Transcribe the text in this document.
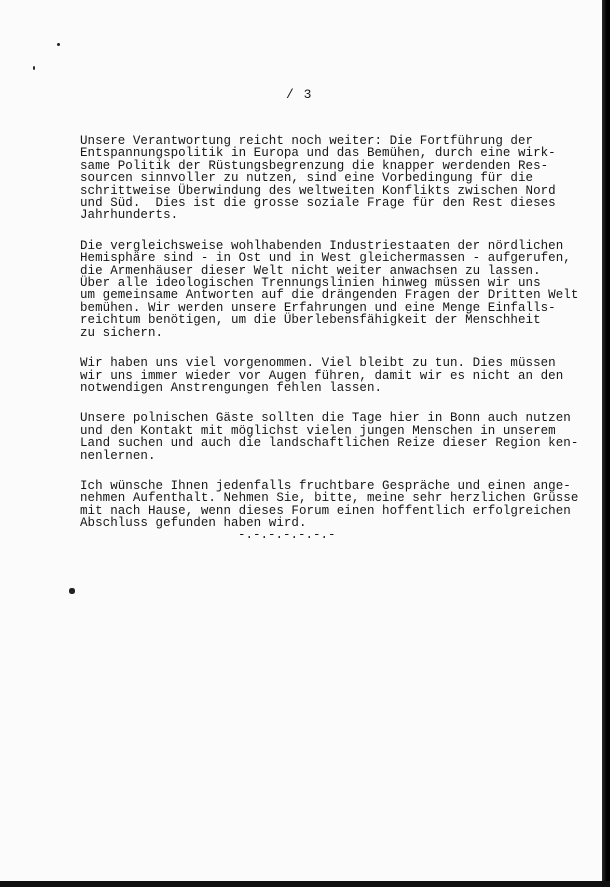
/ 3
Unsere Verantwortung reicht noch weiter: Die Fortführung der
Entspannungspolitik in Europa und das Bemühen, durch eine wirk-
same Politik der Rüstungsbegrenzung die knapper werdenden Res-
sourcen sinnvoller zu nutzen, sind eine Vorbedingung für die
schrittweise Überwindung des weltweiten Konflikts zwischen Nord
und Süd.  Dies ist die grosse soziale Frage für den Rest dieses
Jahrhunderts.
Die vergleichsweise wohlhabenden Industriestaaten der nördlichen
Hemisphäre sind - in Ost und in West gleichermassen - aufgerufen,
die Armenhäuser dieser Welt nicht weiter anwachsen zu lassen.
Über alle ideologischen Trennungslinien hinweg müssen wir uns
um gemeinsame Antworten auf die drängenden Fragen der Dritten Welt
bemühen. Wir werden unsere Erfahrungen und eine Menge Einfalls-
reichtum benötigen, um die Überlebensfähigkeit der Menschheit
zu sichern.
Wir haben uns viel vorgenommen. Viel bleibt zu tun. Dies müssen
wir uns immer wieder vor Augen führen, damit wir es nicht an den
notwendigen Anstrengungen fehlen lassen.
Unsere polnischen Gäste sollten die Tage hier in Bonn auch nutzen
und den Kontakt mit möglichst vielen jungen Menschen in unserem
Land suchen und auch die landschaftlichen Reize dieser Region ken-
nenlernen.
Ich wünsche Ihnen jedenfalls fruchtbare Gespräche und einen ange-
nehmen Aufenthalt. Nehmen Sie, bitte, meine sehr herzlichen Grüsse
mit nach Hause, wenn dieses Forum einen hoffentlich erfolgreichen
Abschluss gefunden haben wird.
-.-.-.-.-.-.-
